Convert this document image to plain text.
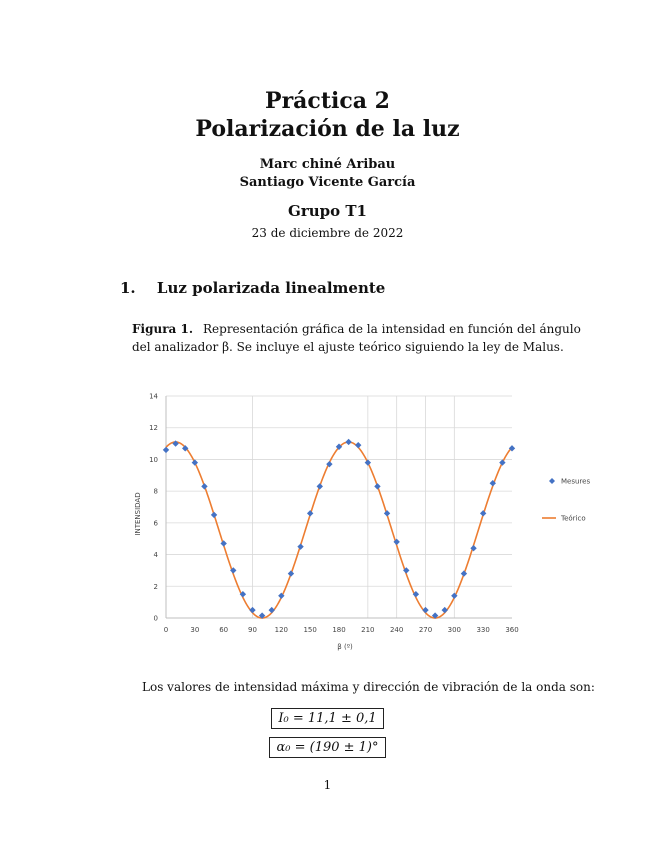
Práctica 2
Polarización de la luz
Marc chiné Aribau
Santiago Vicente García
Grupo T1
23 de diciembre de 2022
1. Luz polarizada linealmente
Figura 1. Representación gráfica de la intensidad en función del ángulo del analizador β. Se incluye el ajuste teórico siguiendo la ley de Malus.
0
2
4
6
8
10
12
14
0	30	60	90	120 150 180 210 240 270 300 330 360
Mesures
Teórico
β (º)
INTENSIDAD
Los valores de intensidad máxima y dirección de vibración de la onda son:
I₀ = 11,1 ± 0,1
α₀ = (190 ± 1)°
1
